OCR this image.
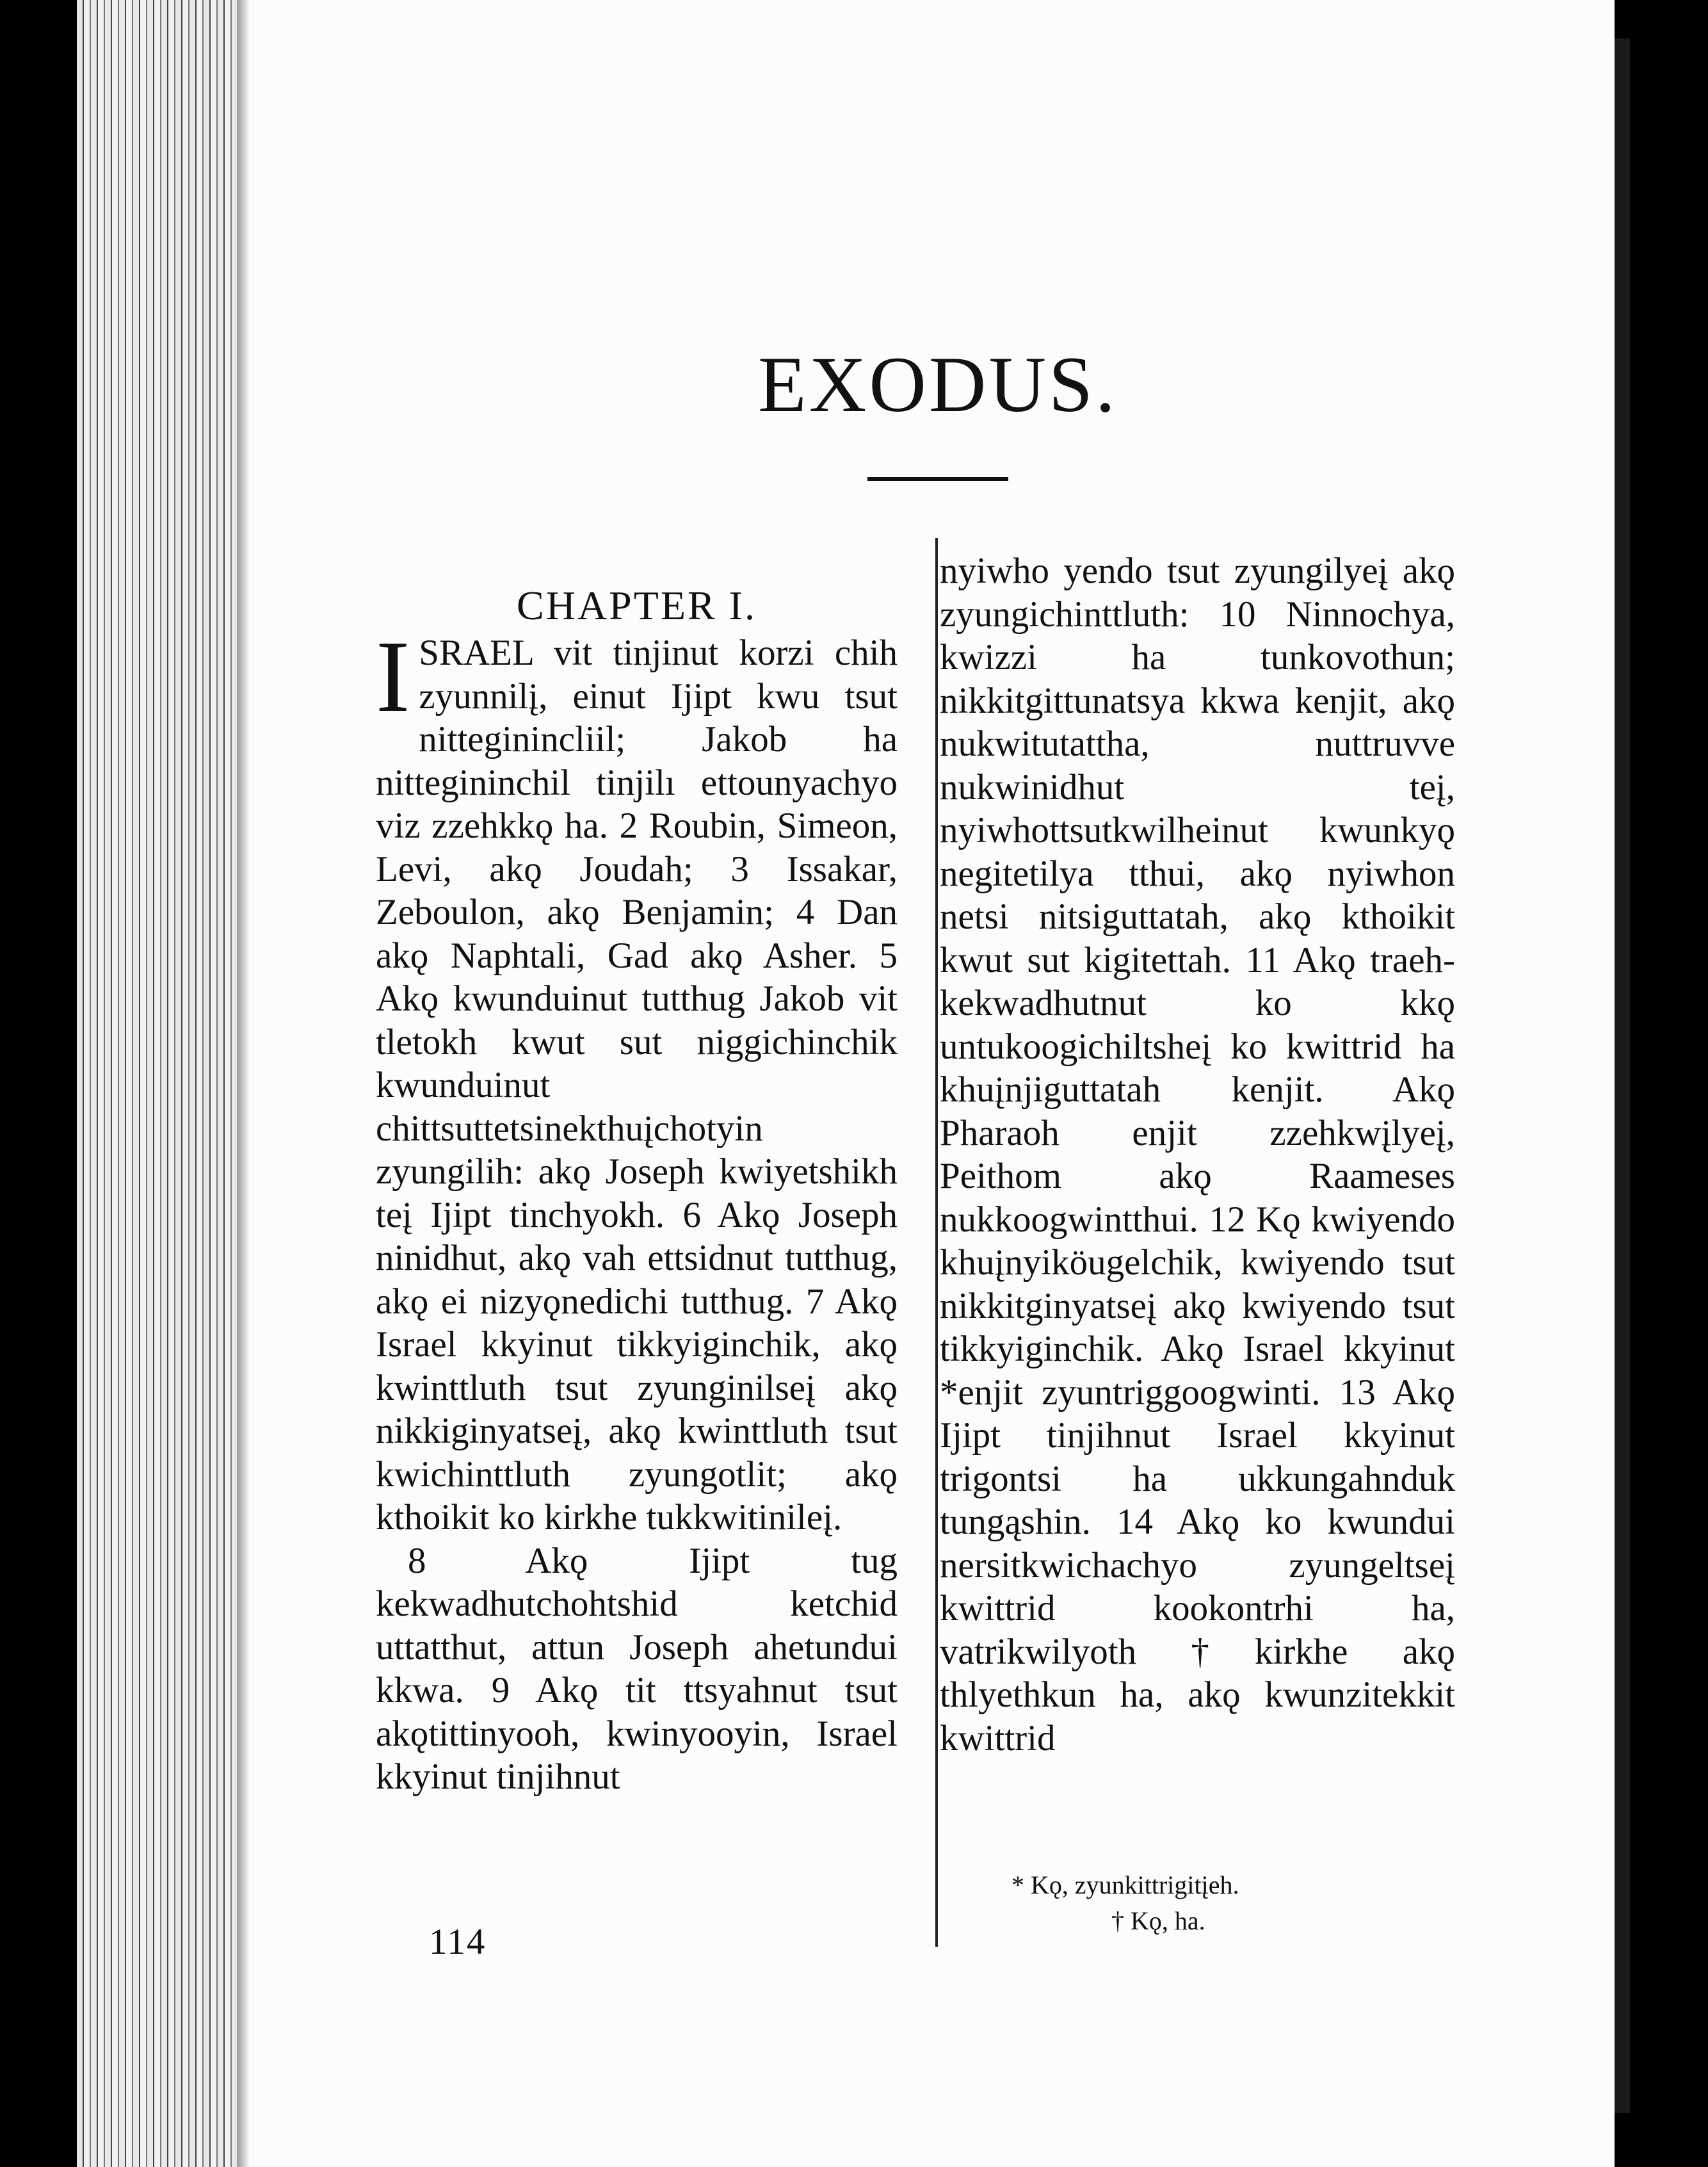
EXODUS.
CHAPTER I.

I SRAEL vit tinjinut korzi chih zyunnilį, einut Ijipt kwu tsut nitteginincliil; Jakob ha nittegininchil tinjilı ettounyachyo viz zzehkkǫ ha. 2 Roubin, Simeon, Levi, akǫ Joudah; 3 Issakar, Zeboulon, akǫ Benjamin; 4 Dan akǫ Naphtali, Gad akǫ Asher. 5 Akǫ kwunduinut tutthug Jakob vit tletokh kwut sut niggichinchik kwunduinut chittsuttetsinekthuįchotyin zyungilih: akǫ Joseph kwiyetshikh teį Ijipt tinchyokh. 6 Akǫ Joseph ninidhut, akǫ vah ettsidnut tutthug, akǫ ei nizyǫnedichi tutthug. 7 Akǫ Israel kkyinut tikkyiginchik, akǫ kwinttluth tsut zyunginilseį akǫ nikkiginyatseį, akǫ kwinttluth tsut kwichinttluth zyungotlit; akǫ kthoikit ko kirkhe tukkwitinileį.

8 Akǫ Ijipt tug kekwadhutchohtshid ketchid uttatthut, attun Joseph ahetundui kkwa. 9 Akǫ tit ttsyahnut tsut akǫtittinyooh, kwinyooyin, Israel kkyinut tinjihnut

nyiwho yendo tsut zyungilyeį akǫ zyungichinttluth: 10 Ninnochya, kwizzi ha tunkovothun; nikkitgittunatsya kkwa kenjit, akǫ nukwitutattha, nuttruvve nukwinidhut teį, nyiwhottsutkwilheinut kwunkyǫ negitetilya tthui, akǫ nyiwhon netsi nitsiguttatah, akǫ kthoikit kwut sut kigitettah. 11 Akǫ traeh-kekwadhutnut ko kkǫ untukoogichiltsheį ko kwittrid ha khuįnjiguttatah kenjit. Akǫ Pharaoh enjit zzehkwįlyeį, Peithom akǫ Raameses nukkoogwintthui. 12 Kǫ kwiyendo khuįnyiköugelchik, kwiyendo tsut nikkitginyatseį akǫ kwiyendo tsut tikkyiginchik. Akǫ Israel kkyinut *enjit zyuntriggoogwinti. 13 Akǫ Ijipt tinjihnut Israel kkyinut trigontsi ha ukkungahnduk tungąshin. 14 Akǫ ko kwundui nersitkwichachyo zyungeltseį kwittrid kookontrhi ha, vatrikwilyoth †kirkhe akǫ thlyethkun ha, akǫ kwunzitekkit kwittrid

114

* Kǫ, zyunkittrigitįeh.

† Kǫ, ha.
